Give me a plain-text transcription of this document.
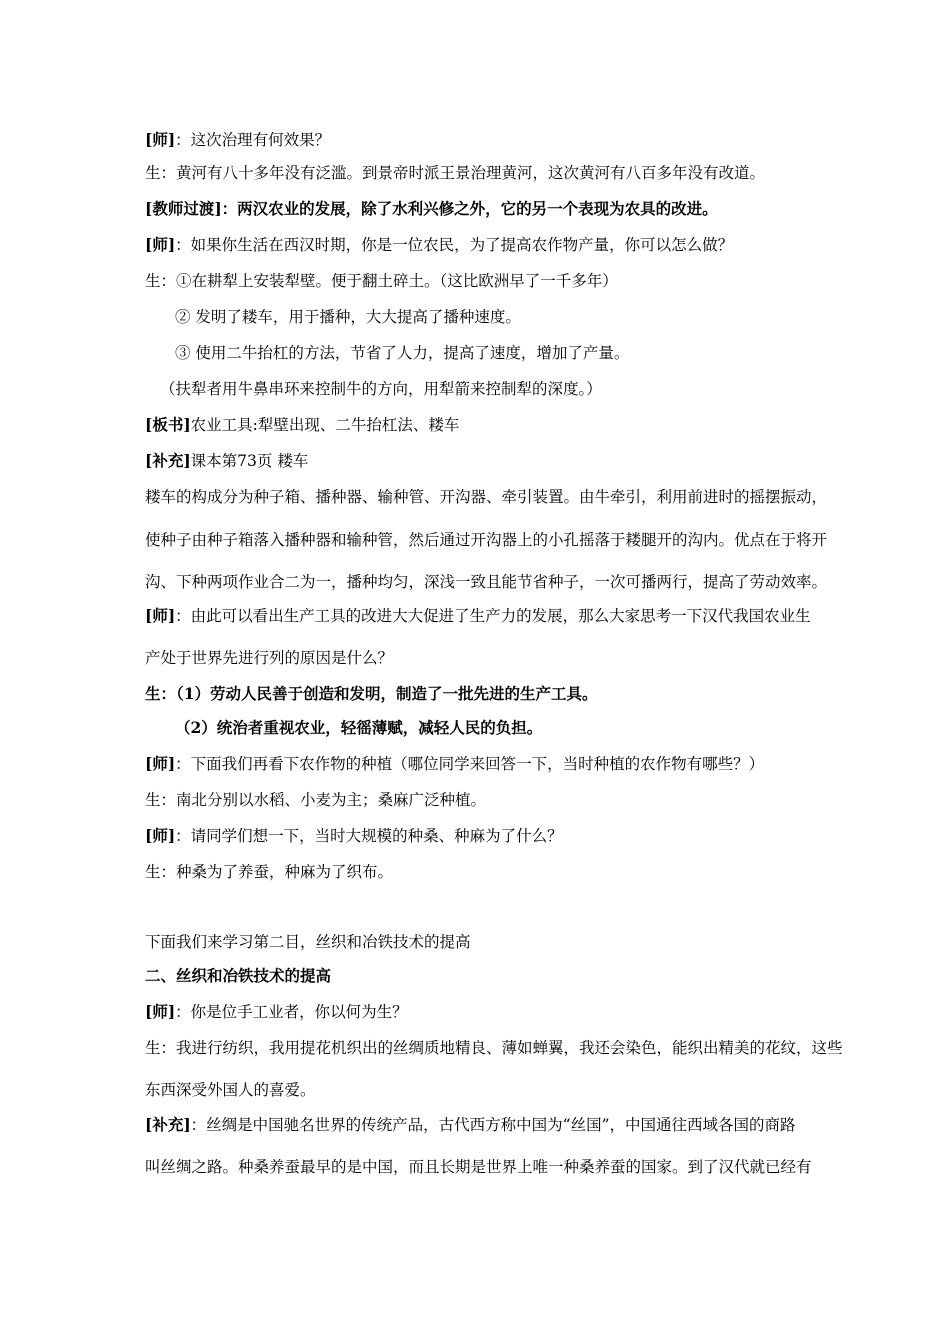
[师]：这次治理有何效果？
生：黄河有八十多年没有泛滥。到景帝时派王景治理黄河，这次黄河有八百多年没有改道。
[教师过渡]：两汉农业的发展，除了水利兴修之外，它的另一个表现为农具的改进。
[师]：如果你生活在西汉时期，你是一位农民，为了提高农作物产量，你可以怎么做？
生：①在耕犁上安装犁壁。便于翻土碎土。（这比欧洲早了一千多年）
② 发明了耧车，用于播种，大大提高了播种速度。
③ 使用二牛抬杠的方法，节省了人力，提高了速度，增加了产量。
（扶犁者用牛鼻串环来控制牛的方向，用犁箭来控制犁的深度。）
[板书]农业工具:犁壁出现、二牛抬杠法、耧车
[补充]课本第73页 耧车
耧车的构成分为种子箱、播种器、输种管、开沟器、牵引装置。由牛牵引，利用前进时的摇摆振动，
使种子由种子箱落入播种器和输种管，然后通过开沟器上的小孔摇落于耧腿开的沟内。优点在于将开
沟、下种两项作业合二为一，播种均匀，深浅一致且能节省种子，一次可播两行，提高了劳动效率。
[师]：由此可以看出生产工具的改进大大促进了生产力的发展，那么大家思考一下汉代我国农业生
产处于世界先进行列的原因是什么？
生：（1）劳动人民善于创造和发明，制造了一批先进的生产工具。
（2）统治者重视农业，轻徭薄赋，减轻人民的负担。
[师]：下面我们再看下农作物的种植（哪位同学来回答一下，当时种植的农作物有哪些？）
生：南北分别以水稻、小麦为主；桑麻广泛种植。
[师]：请同学们想一下，当时大规模的种桑、种麻为了什么？
生：种桑为了养蚕，种麻为了织布。
下面我们来学习第二目，丝织和冶铁技术的提高
二、丝织和冶铁技术的提高
[师]：你是位手工业者，你以何为生？
生：我进行纺织，我用提花机织出的丝绸质地精良、薄如蝉翼，我还会染色，能织出精美的花纹，这些
东西深受外国人的喜爱。
[补充]：丝绸是中国驰名世界的传统产品，古代西方称中国为“丝国”，中国通往西域各国的商路
叫丝绸之路。种桑养蚕最早的是中国，而且长期是世界上唯一种桑养蚕的国家。到了汉代就已经有
